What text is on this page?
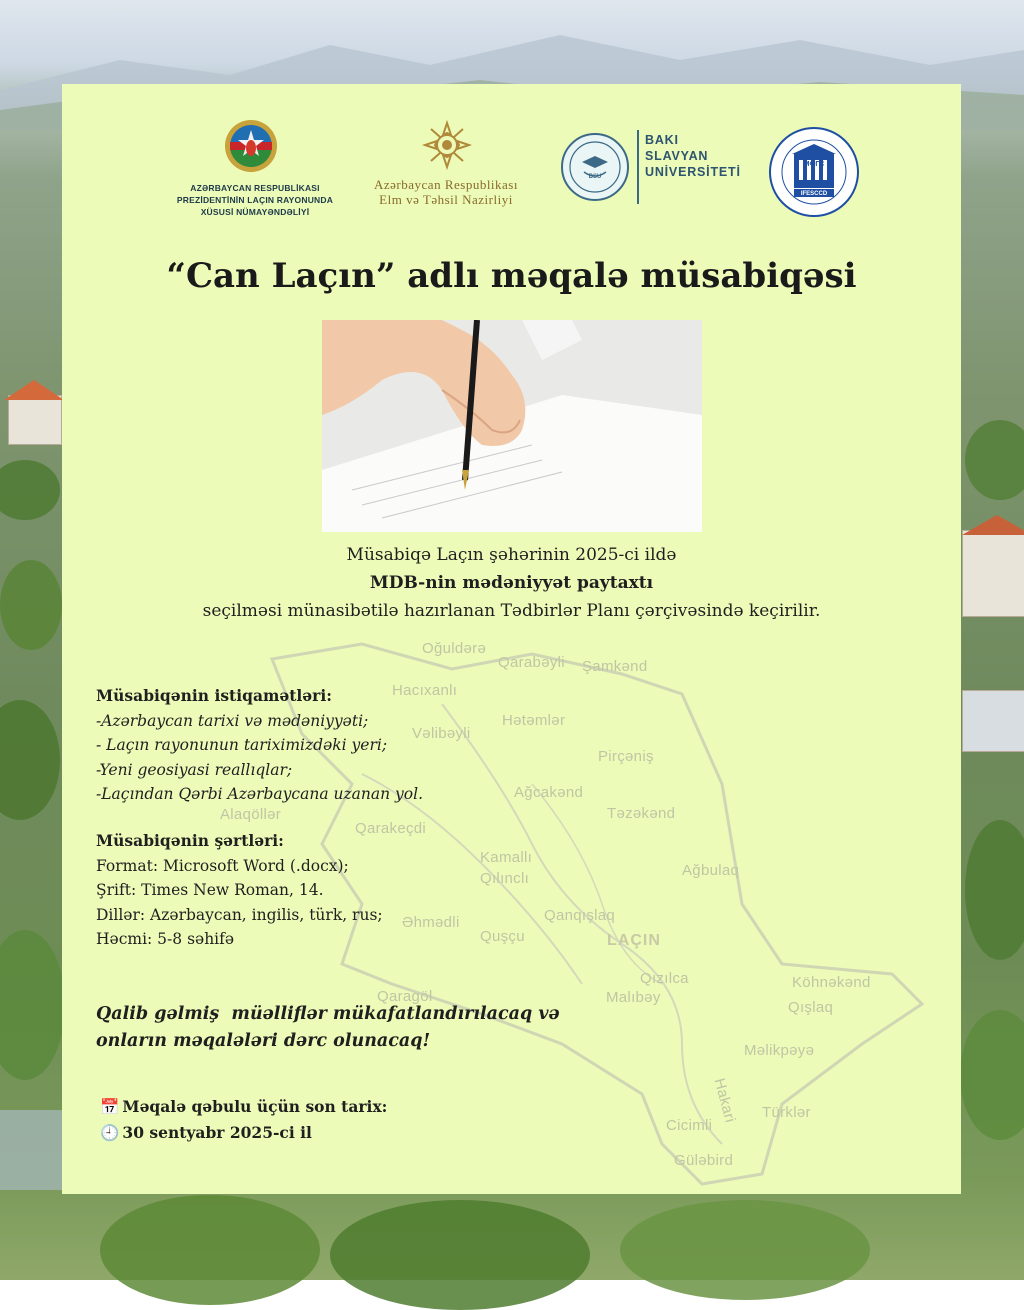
Oğuldərə
Qarabəyli Şamkənd
Hacıxanlı
Hətəmlər
Vəlibəyli
Pirçəniş
Ağcakənd
Təzəkənd
Qarakeçdi
Alaqöllər
Kamallı
Qılınclı	Ağbulaq
Əhmədli	Qanqışlaq
Quşçu	LAÇIN
Qızılca	Köhnəkənd
Qaragöl	Malıbəy
Qışlaq
Məlikpəyə
Hakari Türklər
Cicimli
Güləbird
AZƏRBAYCAN RESPUBLİKASI
PREZİDENTİNİN LAÇIN RAYONUNDA
XÜSUSİ NÜMAYƏNDƏLİYİ
Azərbaycan Respublikası
Elm və Təhsil Nazirliyi
BSU
BAKI
SLAVYAN
UNİVERSİTETİ
МФГС
IFESCCD
“Can Laçın” adlı məqalə müsabiqəsi
Müsabiqə Laçın şəhərinin 2025-ci ildə
MDB-nin mədəniyyət paytaxtı
seçilməsi münasibətilə hazırlanan Tədbirlər Planı çərçivəsində keçirilir.
Müsabiqənin istiqamətləri:
-Azərbaycan tarixi və mədəniyyəti;
- Laçın rayonunun tariximizdəki yeri;
-Yeni geosiyasi reallıqlar;
-Laçından Qərbi Azərbaycana uzanan yol.
Müsabiqənin şərtləri:
Format: Microsoft Word (.docx);
Şrift: Times New Roman, 14.
Dillər: Azərbaycan, ingilis, türk, rus;
Həcmi: 5-8 səhifə
Qalib gəlmiş  müəlliflər mükafatlandırılacaq və
onların məqalələri dərc olunacaq!
📅 Məqalə qəbulu üçün son tarix:
🕘 30 sentyabr 2025-ci il
